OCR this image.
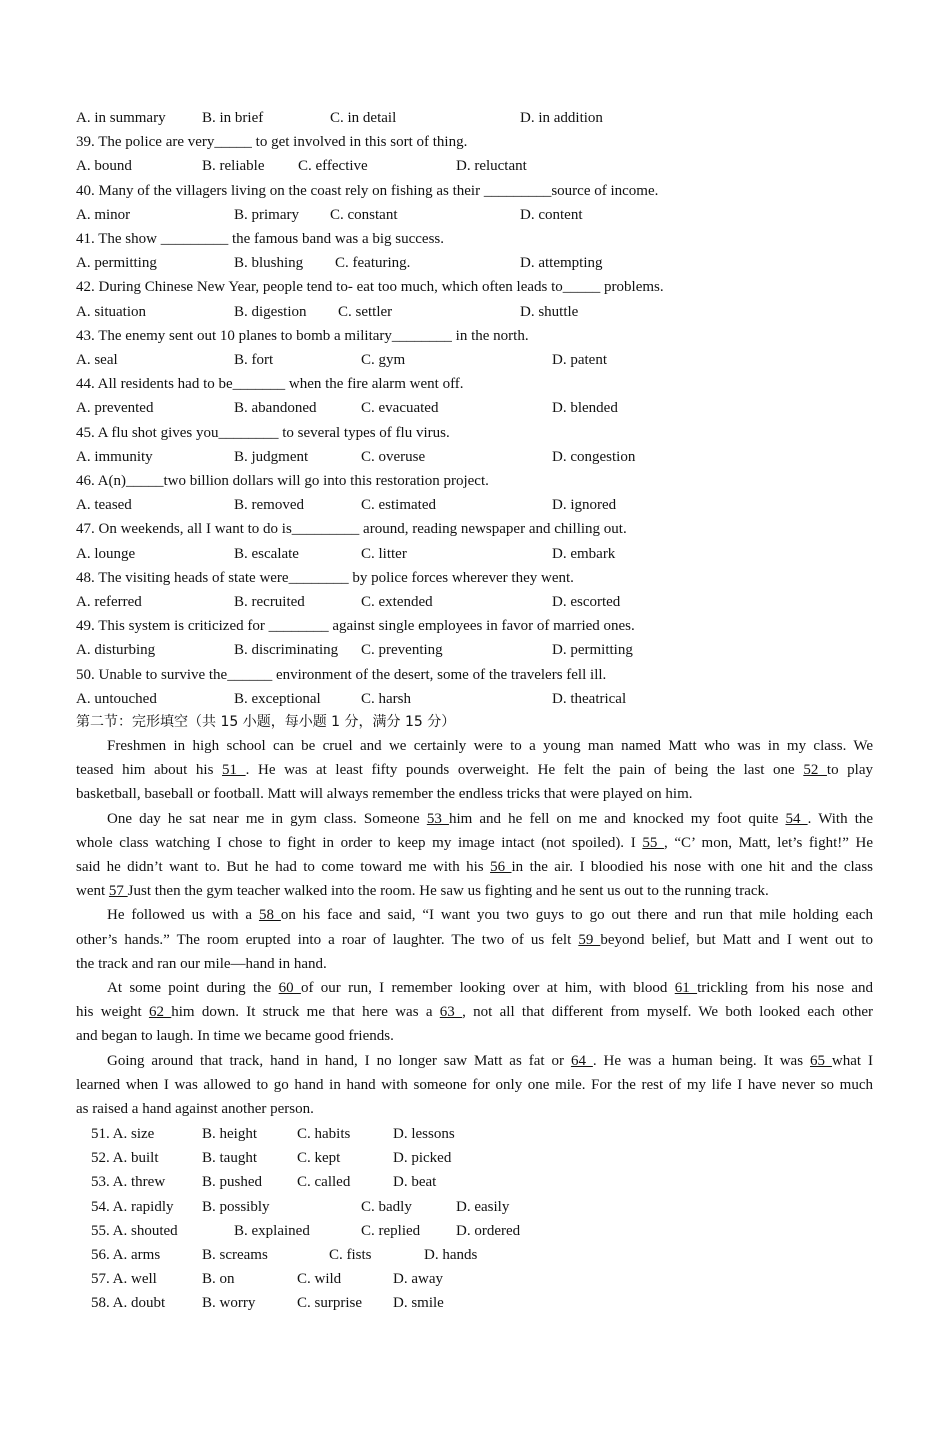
A. in summary B. in brief	C. in detail	D. in addition
39. The police are very_____ to get involved in this sort of thing.
A. bound	B. reliable C. effective	D. reluctant
40. Many of the villagers living on the coast rely on fishing as their _________source of income.
A. minor	B. primary C. constant	D. content
41. The show _________ the famous band was a big success.
A. permitting	B. blushing C. featuring.	D. attempting
42. During Chinese New Year, people tend to- eat too much, which often leads to_____ problems.
A. situation	B. digestion C. settler	D. shuttle
43. The enemy sent out 10 planes to bomb a military________ in the north.
A. seal	B. fort	C. gym	D. patent
44. All residents had to be_______ when the fire alarm went off.
A. prevented	B. abandoned	C. evacuated	D. blended
45. A flu shot gives you________ to several types of flu virus.
A. immunity	B. judgment	C. overuse	D. congestion
46. A(n)_____two billion dollars will go into this restoration project.
A. teased	B. removed	C. estimated	D. ignored
47. On weekends, all I want to do is_________ around, reading newspaper and chilling out.
A. lounge	B. escalate	C. litter	D. embark
48. The visiting heads of state were________ by police forces wherever they went.
A. referred	B. recruited	C. extended	D. escorted
49. This system is criticized for ________ against single employees in favor of married ones.
A. disturbing	B. discriminating C. preventing	D. permitting
50. Unable to survive the______ environment of the desert, some of the travelers fell ill.
A. untouched	B. exceptional	C. harsh	D. theatrical
第二节：完形填空（共 15 小题，每小题 1 分，满分 15 分）
Freshmen in high school can be cruel and we certainly were to a young man named Matt who was in my class. We
teased him about his 51 . He was at least fifty pounds overweight. He felt the pain of being the last one 52 to play
basketball, baseball or football. Matt will always remember the endless tricks that were played on him.
One day he sat near me in gym class. Someone 53 him and he fell on me and knocked my foot quite 54 . With the
whole class watching I chose to fight in order to keep my image intact (not spoiled). I 55 , “C’ mon, Matt, let’s fight!” He
said he didn’t want to. But he had to come toward me with his 56 in the air. I bloodied his nose with one hit and the class
went 57 Just then the gym teacher walked into the room. He saw us fighting and he sent us out to the running track.
He followed us with a 58 on his face and said, “I want you two guys to go out there and run that mile holding each
other’s hands.” The room erupted into a roar of laughter. The two of us felt 59 beyond belief, but Matt and I went out to
the track and ran our mile—hand in hand.
At some point during the 60 of our run, I remember looking over at him, with blood 61 trickling from his nose and
his weight 62 him down. It struck me that here was a 63 , not all that different from myself. We both looked each other
and began to laugh. In time we became good friends.
Going around that track, hand in hand, I no longer saw Matt as fat or 64 . He was a human being. It was 65 what I
learned when I was allowed to go hand in hand with someone for only one mile. For the rest of my life I have never so much
as raised a hand against another person.
51. A. size	B. height	C. habits	D. lessons
52. A. built	B. taught	C. kept	D. picked
53. A. threw B. pushed C. called	D. beat
54. A. rapidly B. possibly	C. badly	D. easily
55. A. shouted	B. explained	C. replied D. ordered
56. A. arms	B. screams	C. fists	D. hands
57. A. well	B. on	C. wild	D. away
58. A. doubt B. worry	C. surprise D. smile
